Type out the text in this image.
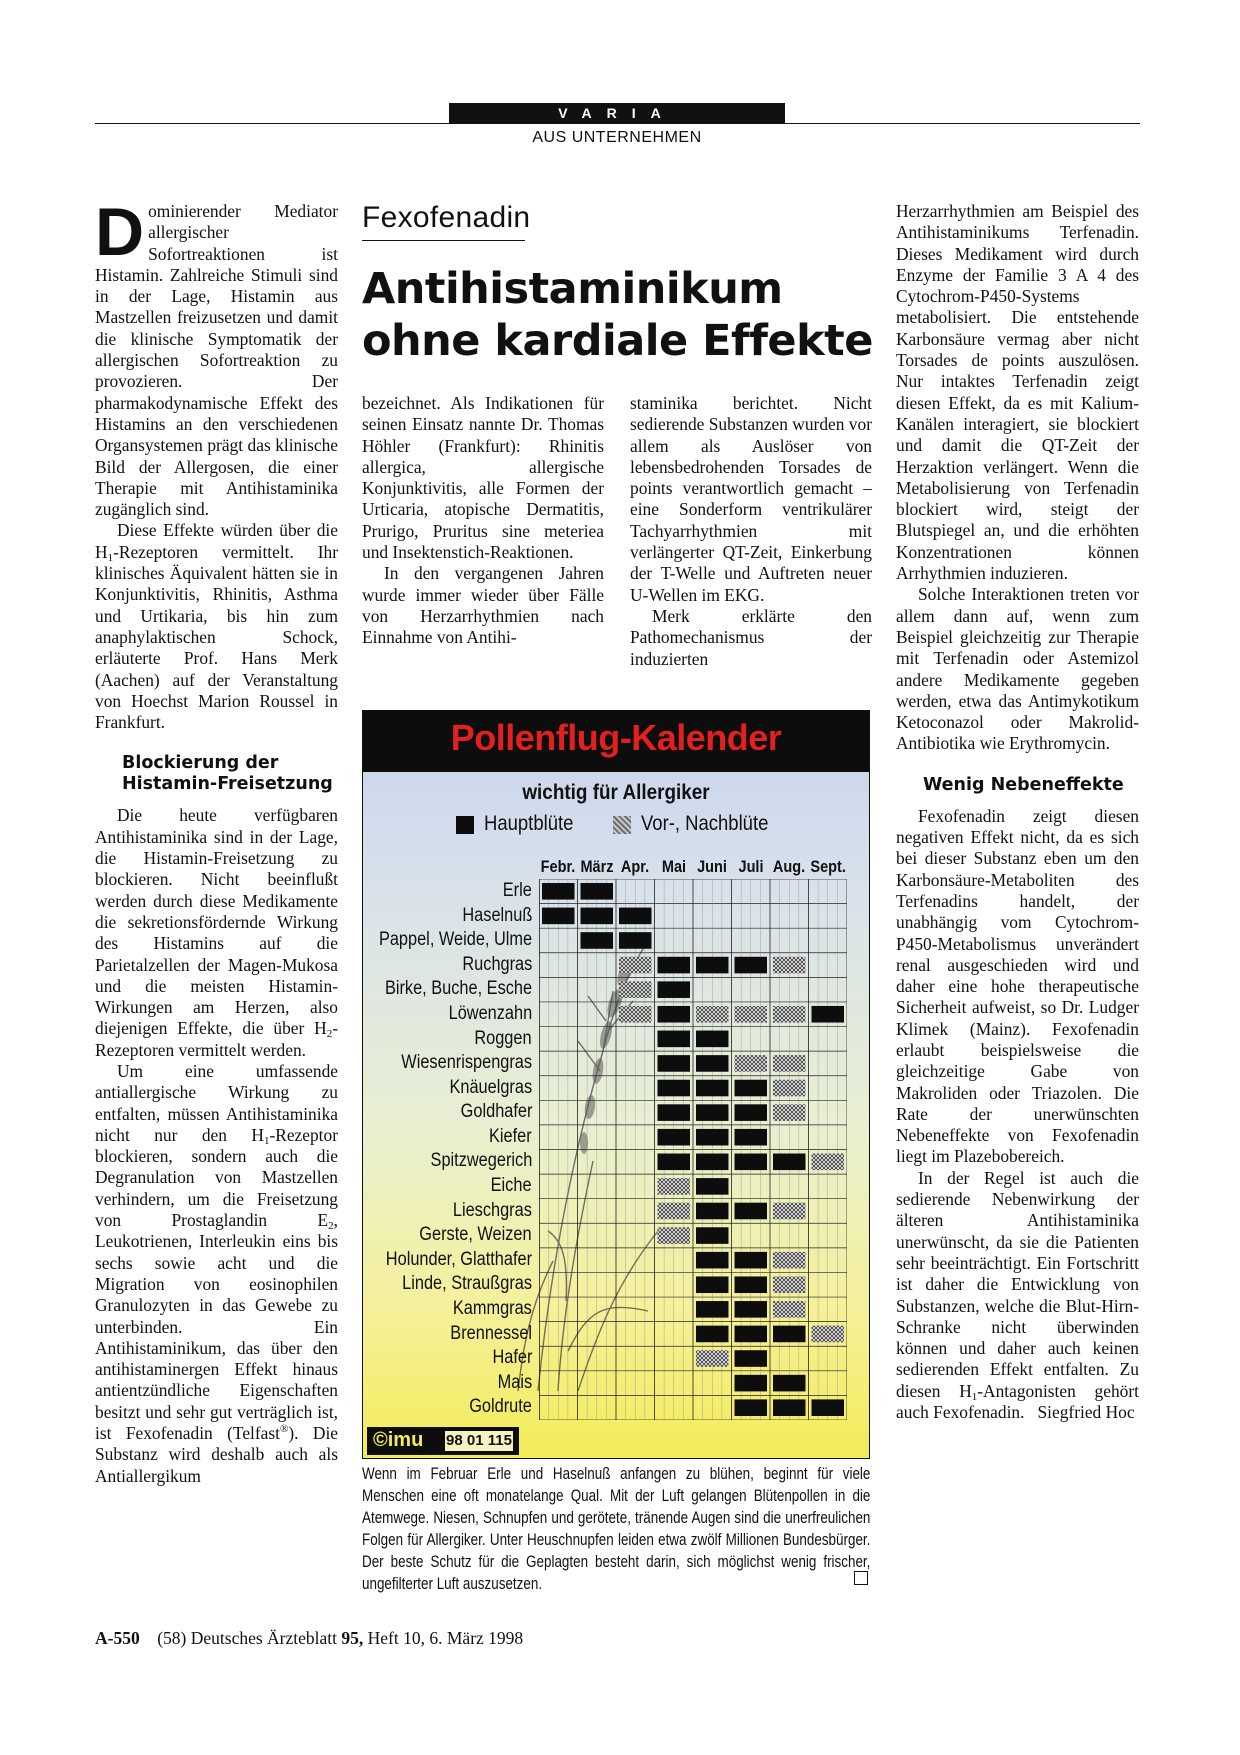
VARIA
AUS UNTERNEHMEN

Dominierender Mediator allergischer Sofortreaktionen ist Histamin. Zahlreiche Stimuli sind in der Lage, Histamin aus Mastzellen freizusetzen und damit die klinische Symptomatik der allergischen Sofortreaktion zu provozieren. Der pharmakodynamische Effekt des Histamins an den verschiedenen Organsystemen prägt das klinische Bild der Allergosen, die einer Therapie mit Antihistaminika zugänglich sind.

Diese Effekte würden über die $H_1$-Rezeptoren vermittelt. Ihr klinisches Äquivalent hätten sie in Konjunktivitis, Rhinitis, Asthma und Urtikaria, bis hin zum anaphylaktischen Schock, erläuterte Prof. Hans Merk (Aachen) auf der Veranstaltung von Hoechst Marion Roussel in Frankfurt.

Blockierung der Histamin-Freisetzung

Die heute verfügbaren Antihistaminika sind in der Lage, die Histamin-Freisetzung zu blockieren. Nicht beeinflußt werden durch diese Medikamente die sekretionsfördernde Wirkung des Histamins auf die Parietalzellen der Magen-Mukosa und die meisten Histamin-Wirkungen am Herzen, also diejenigen Effekte, die über $H_2$-Rezeptoren vermittelt werden.

Um eine umfassende antiallergische Wirkung zu entfalten, müssen Antihistaminika nicht nur den $H_1$-Rezeptor blockieren, sondern auch die Degranulation von Mastzellen verhindern, um die Freisetzung von Prostaglandin $E_2$, Leukotrienen, Interleukin eins bis sechs sowie acht und die Migration von eosinophilen Granulozyten in das Gewebe zu unterbinden. Ein Antihistaminikum, das über den antihistaminergen Effekt hinaus antientzündliche Eigenschaften besitzt und sehr gut verträglich ist, ist Fexofenadin (Telfast®). Die Substanz wird deshalb auch als Antiallergikum

Fexofenadin
Antihistaminikum
ohne kardiale Effekte

bezeichnet. Als Indikationen für seinen Einsatz nannte Dr. Thomas Höhler (Frankfurt): Rhinitis allergica, allergische Konjunktivitis, alle Formen der Urticaria, atopische Dermatitis, Prurigo, Pruritus sine meteriea und Insektenstich-Reaktionen.

In den vergangenen Jahren wurde immer wieder über Fälle von Herzarrhythmien nach Einnahme von Antihi-

staminika berichtet. Nicht sedierende Substanzen wurden vor allem als Auslöser von lebensbedrohenden Torsades de points verantwortlich gemacht – eine Sonderform ventrikulärer Tachyarrhythmien mit verlängerter QT-Zeit, Einkerbung der T-Welle und Auftreten neuer U-Wellen im EKG.

Merk erklärte den Pathomechanismus der induzierten

Herzarrhythmien am Beispiel des Antihistaminikums Terfenadin. Dieses Medikament wird durch Enzyme der Familie 3 A 4 des Cytochrom-P450-Systems metabolisiert. Die entstehende Karbonsäure vermag aber nicht Torsades de points auszulösen. Nur intaktes Terfenadin zeigt diesen Effekt, da es mit Kalium-Kanälen interagiert, sie blockiert und damit die QT-Zeit der Herzaktion verlängert. Wenn die Metabolisierung von Terfenadin blockiert wird, steigt der Blutspiegel an, und die erhöhten Konzentrationen können Arrhythmien induzieren.

Solche Interaktionen treten vor allem dann auf, wenn zum Beispiel gleichzeitig zur Therapie mit Terfenadin oder Astemizol andere Medikamente gegeben werden, etwa das Antimykotikum Ketoconazol oder Makrolid-Antibiotika wie Erythromycin.

Wenig Nebeneffekte

Fexofenadin zeigt diesen negativen Effekt nicht, da es sich bei dieser Substanz eben um den Karbonsäure-Metaboliten des Terfenadins handelt, der unabhängig vom Cytochrom-P450-Metabolismus unverändert renal ausgeschieden wird und daher eine hohe therapeutische Sicherheit aufweist, so Dr. Ludger Klimek (Mainz). Fexofenadin erlaubt beispielsweise die gleichzeitige Gabe von Makroliden oder Triazolen. Die Rate der unerwünschten Nebeneffekte von Fexofenadin liegt im Plazebobereich.

In der Regel ist auch die sedierende Nebenwirkung der älteren Antihistaminika unerwünscht, da sie die Patienten sehr beeinträchtigt. Ein Fortschritt ist daher die Entwicklung von Substanzen, welche die Blut-Hirn-Schranke nicht überwinden können und daher auch keinen sedierenden Effekt entfalten. Zu diesen $H_1$-Antagonisten gehört auch Fexofenadin. Siegfried Hoc

Pollenflug-Kalender
wichtig für Allergiker
Hauptblüte	Vor-, Nachblüte
©imu 98 01 115
Febr. März Apr. Mai Juni Juli Aug. Sept.
Erle
Haselnuß
Pappel, Weide, Ulme
Ruchgras
Birke, Buche, Esche
Löwenzahn
Roggen
Wiesenrispengras
Knäuelgras
Goldhafer
Kiefer
Spitzwegerich
Eiche
Lieschgras
Gerste, Weizen
Holunder, Glatthafer
Linde, Straußgras
Kammgras
Brennessel
Hafer
Mais
Goldrute
Wenn im Februar Erle und Haselnuß anfangen zu blühen, beginnt für viele Menschen eine oft monatelange Qual. Mit der Luft gelangen Blütenpollen in die Atemwege. Niesen, Schnupfen und gerötete, tränende Augen sind die unerfreulichen Folgen für Allergiker. Unter Heuschnupfen leiden etwa zwölf Millionen Bundesbürger. Der beste Schutz für die Geplagten besteht darin, sich möglichst wenig frischer, ungefilterter Luft auszusetzen.
A-550 (58) Deutsches Ärzteblatt 95, Heft 10, 6. März 1998
